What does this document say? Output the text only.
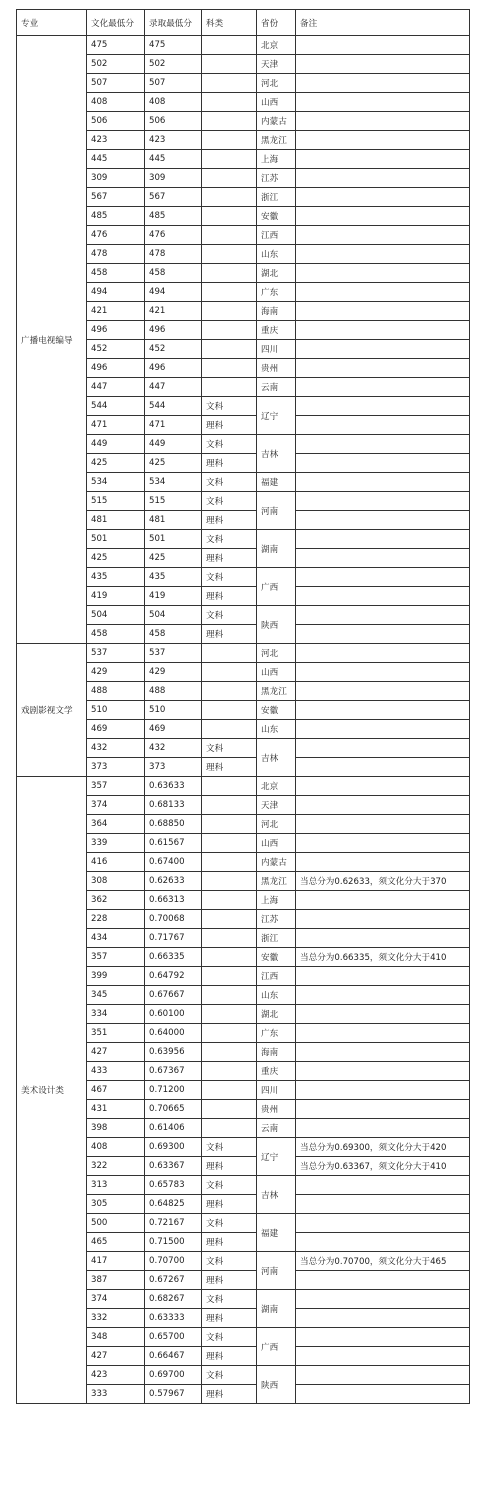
专业	文化最低分	录取最低分	科类	省份	备注
广播电视编导	475	475		北京	
	502	502		天津	
	507	507		河北	
	408	408		山西	
	506	506		内蒙古	
	423	423		黑龙江	
	445	445		上海	
	309	309		江苏	
	567	567		浙江	
	485	485		安徽	
	476	476		江西	
	478	478		山东	
	458	458		湖北	
	494	494		广东	
	421	421		海南	
	496	496		重庆	
	452	452		四川	
	496	496		贵州	
	447	447		云南	
	544	544	文科	辽宁	
	471	471	理科		
	449	449	文科	吉林	
	425	425	理科		
	534	534	文科	福建	
	515	515	文科	河南	
	481	481	理科		
	501	501	文科	湖南	
	425	425	理科		
	435	435	文科	广西	
	419	419	理科		
	504	504	文科	陕西	
	458	458	理科		
戏剧影视文学	537	537		河北	
	429	429		山西	
	488	488		黑龙江	
	510	510		安徽	
	469	469		山东	
	432	432	文科	吉林	
	373	373	理科		
美术设计类	357	0.63633		北京	
	374	0.68133		天津	
	364	0.68850		河北	
	339	0.61567		山西	
	416	0.67400		内蒙古	
	308	0.62633		黑龙江	当总分为0.62633，须文化分大于370
	362	0.66313		上海	
	228	0.70068		江苏	
	434	0.71767		浙江	
	357	0.66335		安徽	当总分为0.66335，须文化分大于410
	399	0.64792		江西	
	345	0.67667		山东	
	334	0.60100		湖北	
	351	0.64000		广东	
	427	0.63956		海南	
	433	0.67367		重庆	
	467	0.71200		四川	
	431	0.70665		贵州	
	398	0.61406		云南	
	408	0.69300	文科	辽宁	当总分为0.69300，须文化分大于420
	322	0.63367	理科		当总分为0.63367，须文化分大于410
	313	0.65783	文科	吉林	
	305	0.64825	理科		
	500	0.72167	文科	福建	
	465	0.71500	理科		
	417	0.70700	文科	河南	当总分为0.70700，须文化分大于465
	387	0.67267	理科		
	374	0.68267	文科	湖南	
	332	0.63333	理科		
	348	0.65700	文科	广西	
	427	0.66467	理科		
	423	0.69700	文科	陕西	
	333	0.57967	理科		
